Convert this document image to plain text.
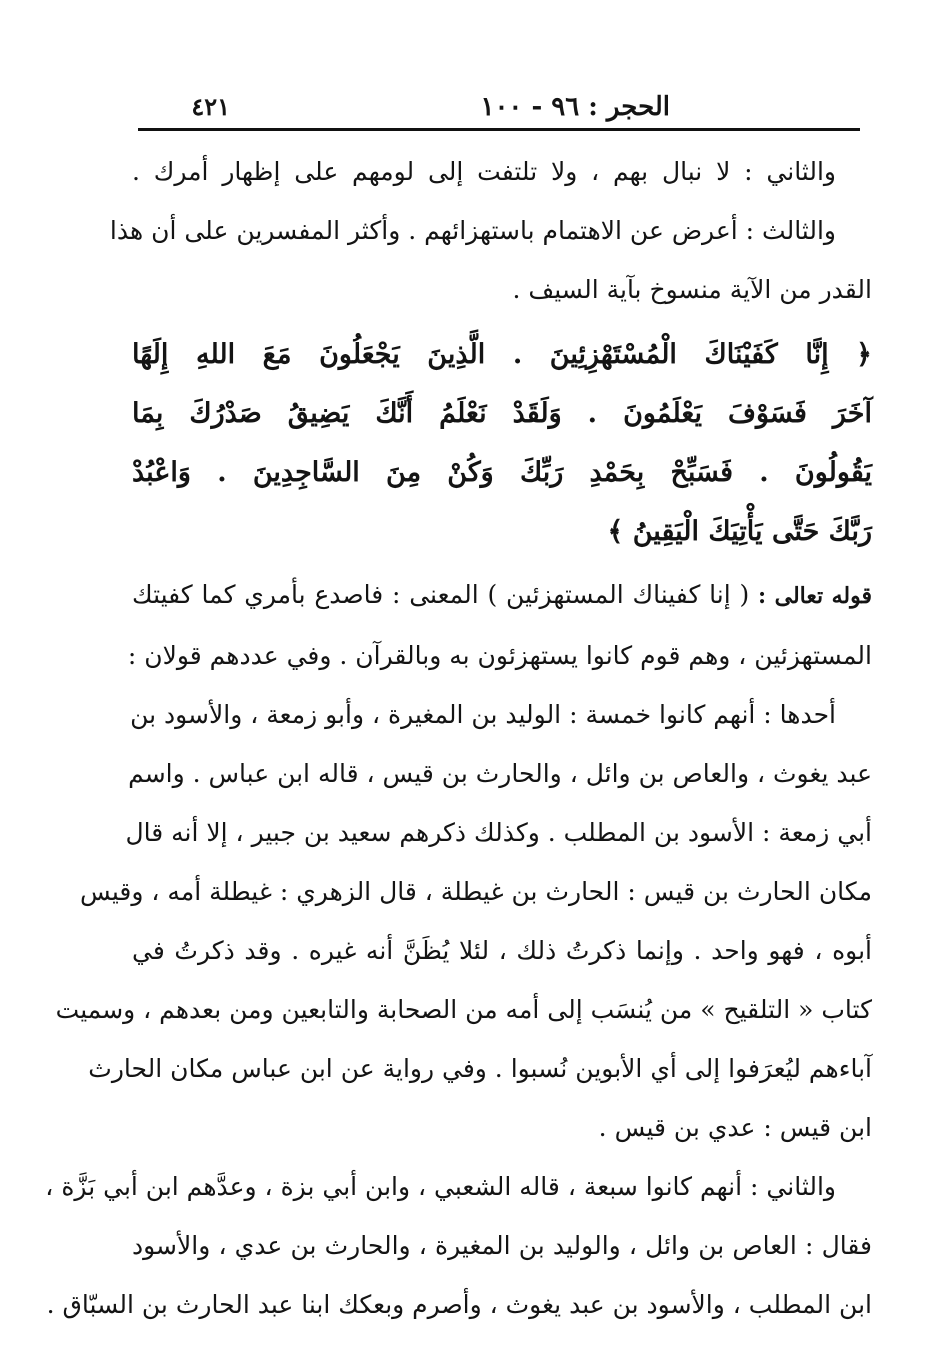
الحجر : ٩٦ - ١٠٠
٤٢١
والثاني : لا نبال بهم ، ولا تلتفت إلى لومهم على إظهار أمرك .
والثالث : أعرض عن الاهتمام باستهزائهم . وأكثر المفسرين على أن هذا
القدر من الآية منسوخ بآية السيف .
﴿ إِنَّا كَفَيْنَاكَ الْمُسْتَهْزِئِينَ . الَّذِينَ يَجْعَلُونَ مَعَ اللهِ إِلَهًا
آخَرَ فَسَوْفَ يَعْلَمُونَ . وَلَقَدْ نَعْلَمُ أَنَّكَ يَضِيقُ صَدْرُكَ بِمَا
يَقُولُونَ . فَسَبِّحْ بِحَمْدِ رَبِّكَ وَكُنْ مِنَ السَّاجِدِينَ . وَاعْبُدْ
رَبَّكَ حَتَّى يَأْتِيَكَ الْيَقِينُ ﴾
قوله تعالى : ( إنا كفيناك المستهزئين ) المعنى : فاصدع بأمري كما كفيتك
المستهزئين ، وهم قوم كانوا يستهزئون به وبالقرآن . وفي عددهم قولان :
أحدها : أنهم كانوا خمسة : الوليد بن المغيرة ، وأبو زمعة ، والأسود بن
عبد يغوث ، والعاص بن وائل ، والحارث بن قيس ، قاله ابن عباس . واسم
أبي زمعة : الأسود بن المطلب . وكذلك ذكرهم سعيد بن جبير ، إلا أنه قال
مكان الحارث بن قيس : الحارث بن غيطلة ، قال الزهري : غيطلة أمه ، وقيس
أبوه ، فهو واحد . وإنما ذكرتُ ذلك ، لئلا يُظَنَّ أنه غيره . وقد ذكرتُ في
كتاب « التلقيح » من يُنسَب إلى أمه من الصحابة والتابعين ومن بعدهم ، وسميت
آباءهم ليُعرَفوا إلى أي الأبوين نُسبوا . وفي رواية عن ابن عباس مكان الحارث
ابن قيس : عدي بن قيس .
والثاني : أنهم كانوا سبعة ، قاله الشعبي ، وابن أبي بزة ، وعدَّهم ابن أبي بَزَّة ،
فقال : العاص بن وائل ، والوليد بن المغيرة ، والحارث بن عدي ، والأسود
ابن المطلب ، والأسود بن عبد يغوث ، وأصرم وبعكك ابنا عبد الحارث بن السبّاق .
